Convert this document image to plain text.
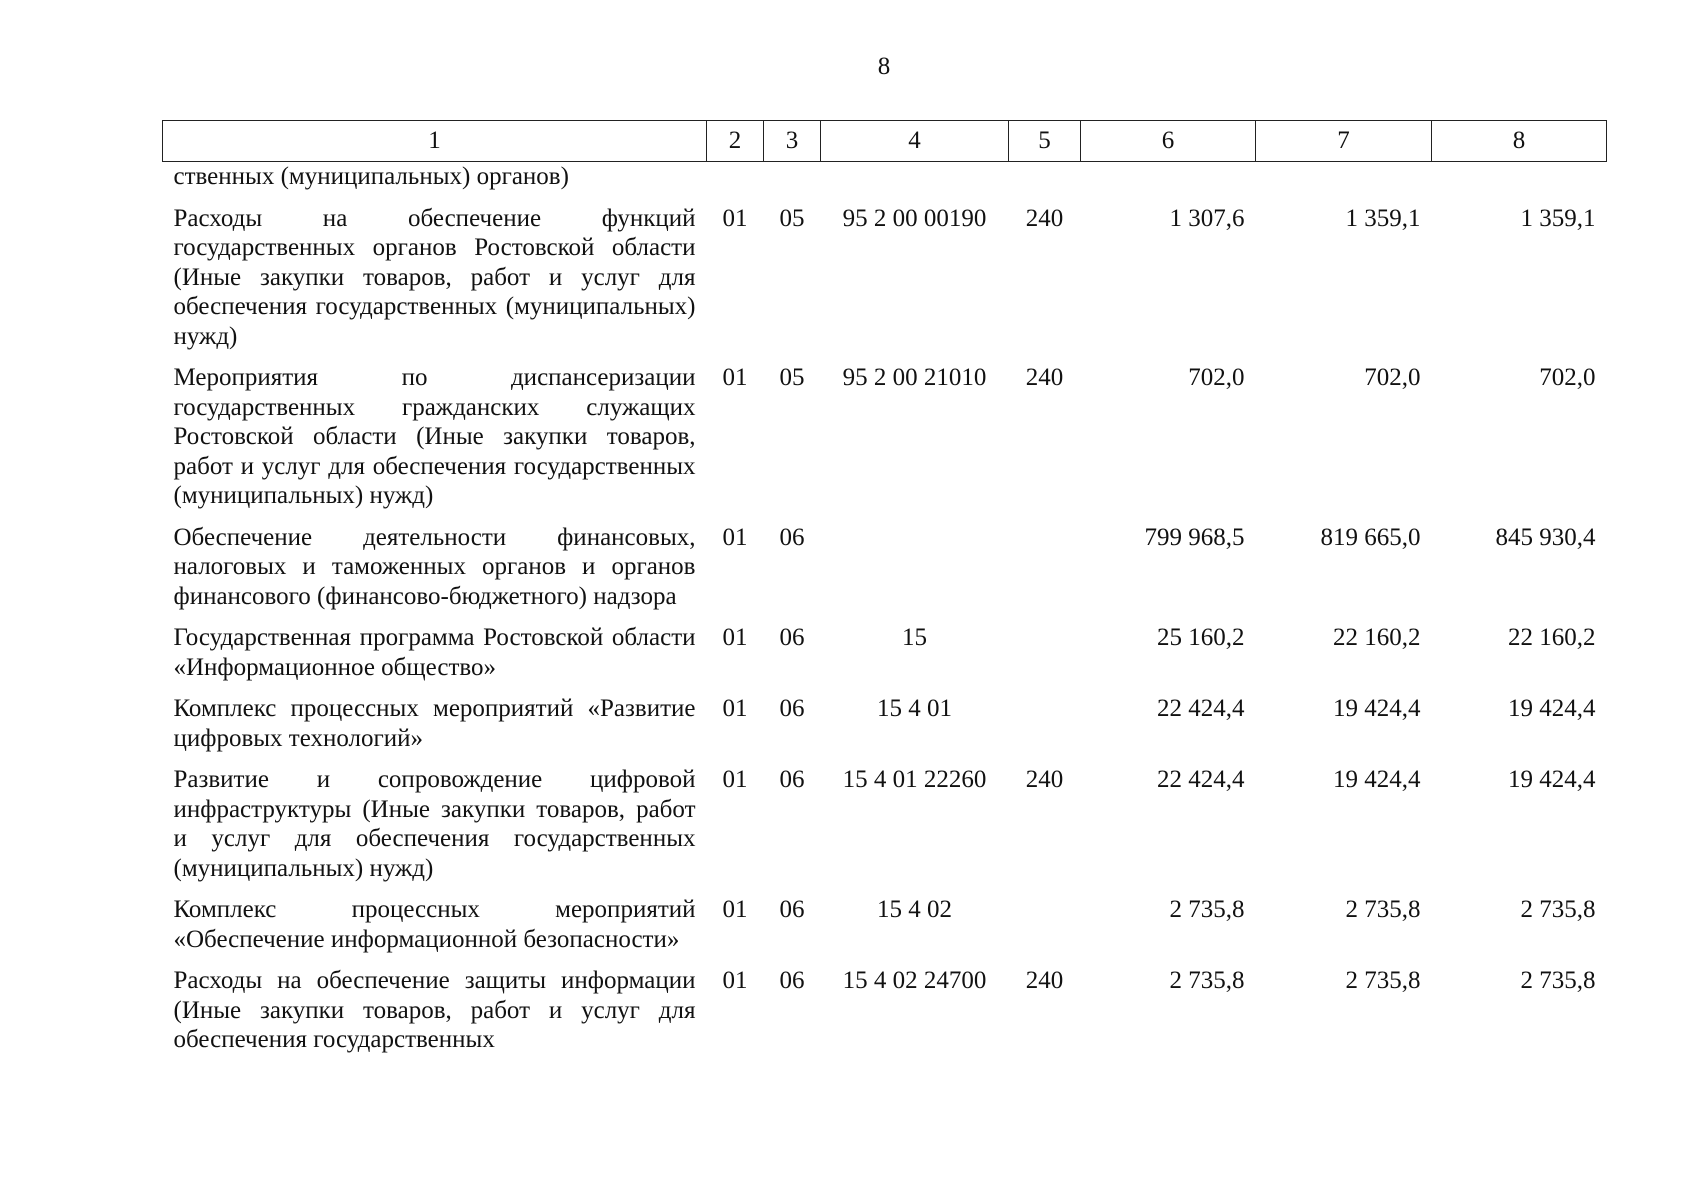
8
1	2	3	4	5	6	7	8
ственных (муниципальных) органов)							
Расходы на обеспечение функций государственных органов Ростовской области (Иные закупки товаров, работ и услуг для обеспечения государственных (муниципальных) нужд)	01	05	95 2 00 00190	240	1 307,6	1 359,1	1 359,1
Мероприятия по диспансеризации государственных гражданских служащих Ростовской области (Иные закупки товаров, работ и услуг для обеспечения государственных (муниципальных) нужд)	01	05	95 2 00 21010	240	702,0	702,0	702,0
Обеспечение деятельности финансовых, налоговых и таможенных органов и органов финансового (финансово-бюджетного) надзора	01	06			799 968,5	819 665,0	845 930,4
Государственная программа Ростовской области «Информационное общество»	01	06	15		25 160,2	22 160,2	22 160,2
Комплекс процессных мероприятий «Развитие цифровых технологий»	01	06	15 4 01		22 424,4	19 424,4	19 424,4
Развитие и сопровождение цифровой инфраструктуры (Иные закупки товаров, работ и услуг для обеспечения государственных (муниципальных) нужд)	01	06	15 4 01 22260	240	22 424,4	19 424,4	19 424,4
Комплекс процессных мероприятий «Обеспечение информационной безопасности»	01	06	15 4 02		2 735,8	2 735,8	2 735,8
Расходы на обеспечение защиты информации (Иные закупки товаров, работ и услуг для обеспечения государственных	01	06	15 4 02 24700	240	2 735,8	2 735,8	2 735,8
